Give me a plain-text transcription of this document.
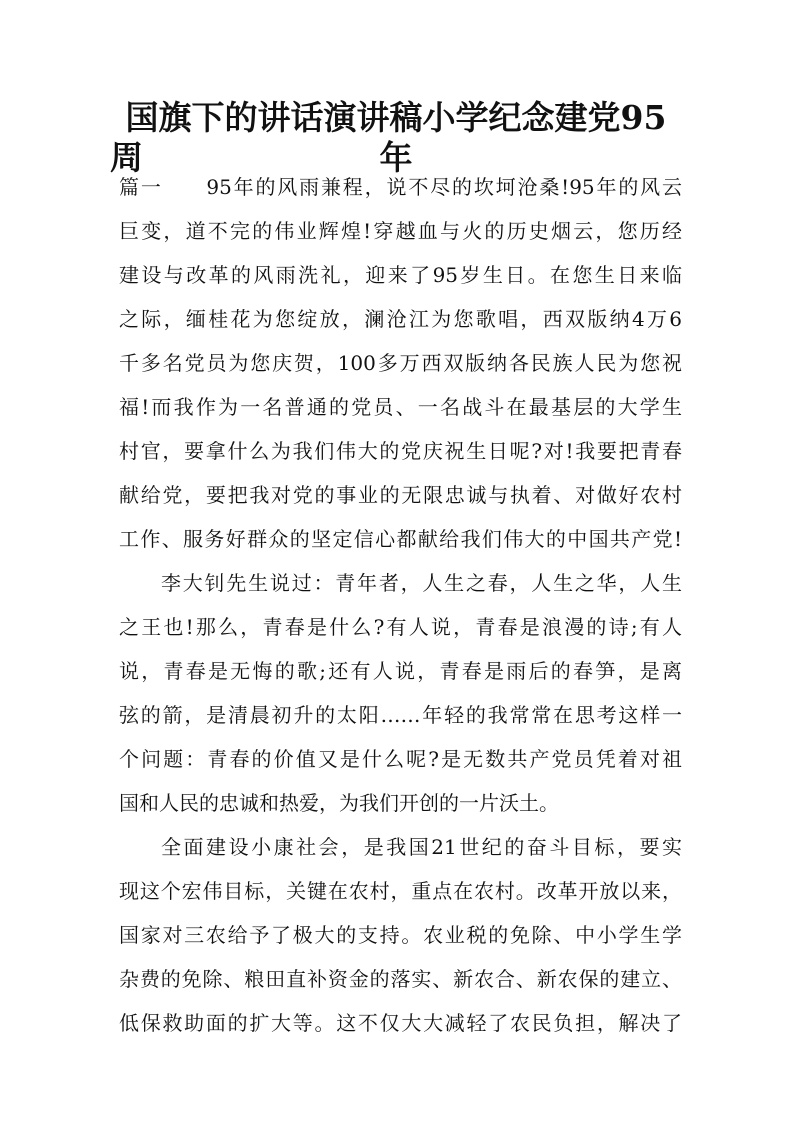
国旗下的讲话演讲稿小学纪念建党95周	年
篇一　　95年的风雨兼程，说不尽的坎坷沧桑!95年的风云
巨变，道不完的伟业辉煌!穿越血与火的历史烟云，您历经
建设与改革的风雨洗礼，迎来了95岁生日。在您生日来临
之际，缅桂花为您绽放，澜沧江为您歌唱，西双版纳4万6
千多名党员为您庆贺，100多万西双版纳各民族人民为您祝
福!而我作为一名普通的党员、一名战斗在最基层的大学生
村官，要拿什么为我们伟大的党庆祝生日呢?对!我要把青春
献给党，要把我对党的事业的无限忠诚与执着、对做好农村
工作、服务好群众的坚定信心都献给我们伟大的中国共产党!
李大钊先生说过：青年者，人生之春，人生之华，人生
之王也!那么，青春是什么?有人说，青春是浪漫的诗;有人
说，青春是无悔的歌;还有人说，青春是雨后的春笋，是离
弦的箭，是清晨初升的太阳……年轻的我常常在思考这样一
个问题：青春的价值又是什么呢?是无数共产党员凭着对祖
国和人民的忠诚和热爱，为我们开创的一片沃土。
全面建设小康社会，是我国21世纪的奋斗目标，要实
现这个宏伟目标，关键在农村，重点在农村。改革开放以来，
国家对三农给予了极大的支持。农业税的免除、中小学生学
杂费的免除、粮田直补资金的落实、新农合、新农保的建立、
低保救助面的扩大等。这不仅大大减轻了农民负担，解决了
